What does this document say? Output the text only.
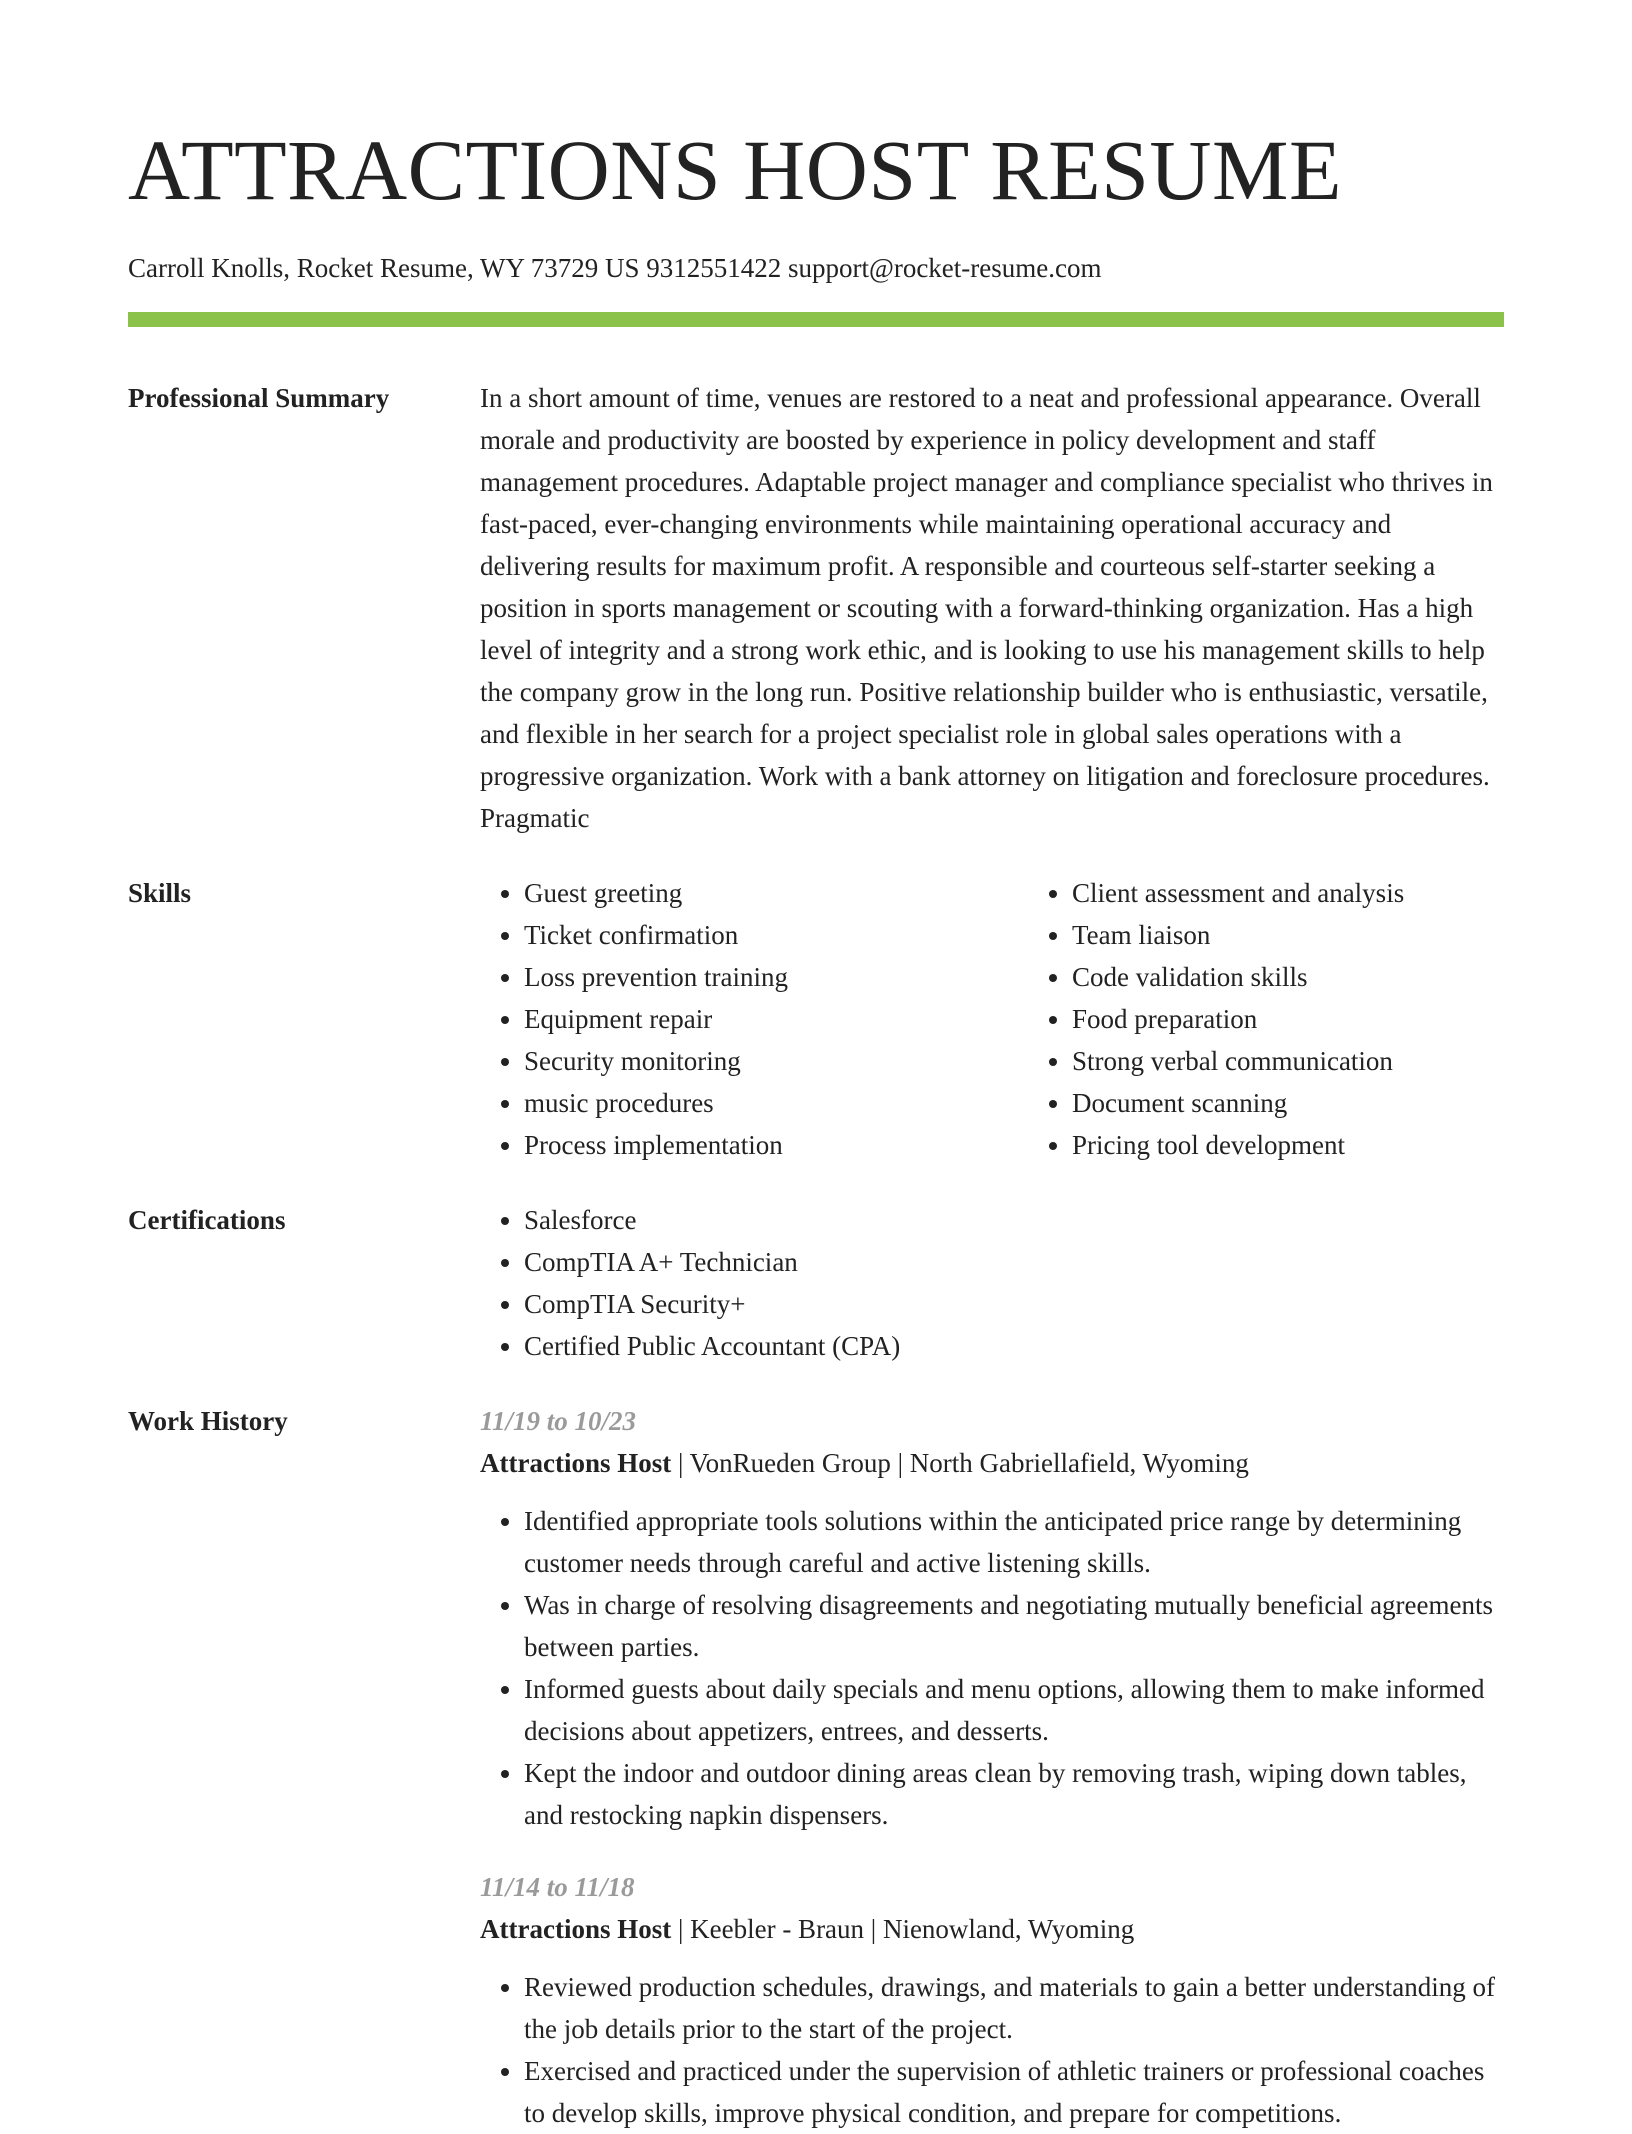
ATTRACTIONS HOST RESUME
Carroll Knolls, Rocket Resume, WY 73729 US 9312551422 support@rocket-resume.com
Professional Summary	In a short amount of time, venues are restored to a neat and professional appearance. Overall morale and productivity are boosted by experience in policy development and staff management procedures. Adaptable project manager and compliance specialist who thrives in fast-paced, ever-changing environments while maintaining operational accuracy and delivering results for maximum profit. A responsible and courteous self-starter seeking a position in sports management or scouting with a forward-thinking organization. Has a high level of integrity and a strong work ethic, and is looking to use his management skills to help the company grow in the long run. Positive relationship builder who is enthusiastic, versatile, and flexible in her search for a project specialist role in global sales operations with a progressive organization. Work with a bank attorney on litigation and foreclosure procedures. Pragmatic
Skills	• Guest greeting
• Ticket confirmation
• Loss prevention training
• Equipment repair
• Security monitoring
• music procedures
• Process implementation
• Client assessment and analysis
• Team liaison
• Code validation skills
• Food preparation
• Strong verbal communication
• Document scanning
• Pricing tool development
Certifications	• Salesforce
• CompTIA A+ Technician
• CompTIA Security+
• Certified Public Accountant (CPA)
Work History	11/19 to 10/23
Attractions Host | VonRueden Group | North Gabriellafield, Wyoming
• Identified appropriate tools solutions within the anticipated price range by determining customer needs through careful and active listening skills.
• Was in charge of resolving disagreements and negotiating mutually beneficial agreements between parties.
• Informed guests about daily specials and menu options, allowing them to make informed decisions about appetizers, entrees, and desserts.
• Kept the indoor and outdoor dining areas clean by removing trash, wiping down tables, and restocking napkin dispensers.
11/14 to 11/18
Attractions Host | Keebler - Braun | Nienowland, Wyoming
• Reviewed production schedules, drawings, and materials to gain a better understanding of the job details prior to the start of the project.
• Exercised and practiced under the supervision of athletic trainers or professional coaches to develop skills, improve physical condition, and prepare for competitions.
